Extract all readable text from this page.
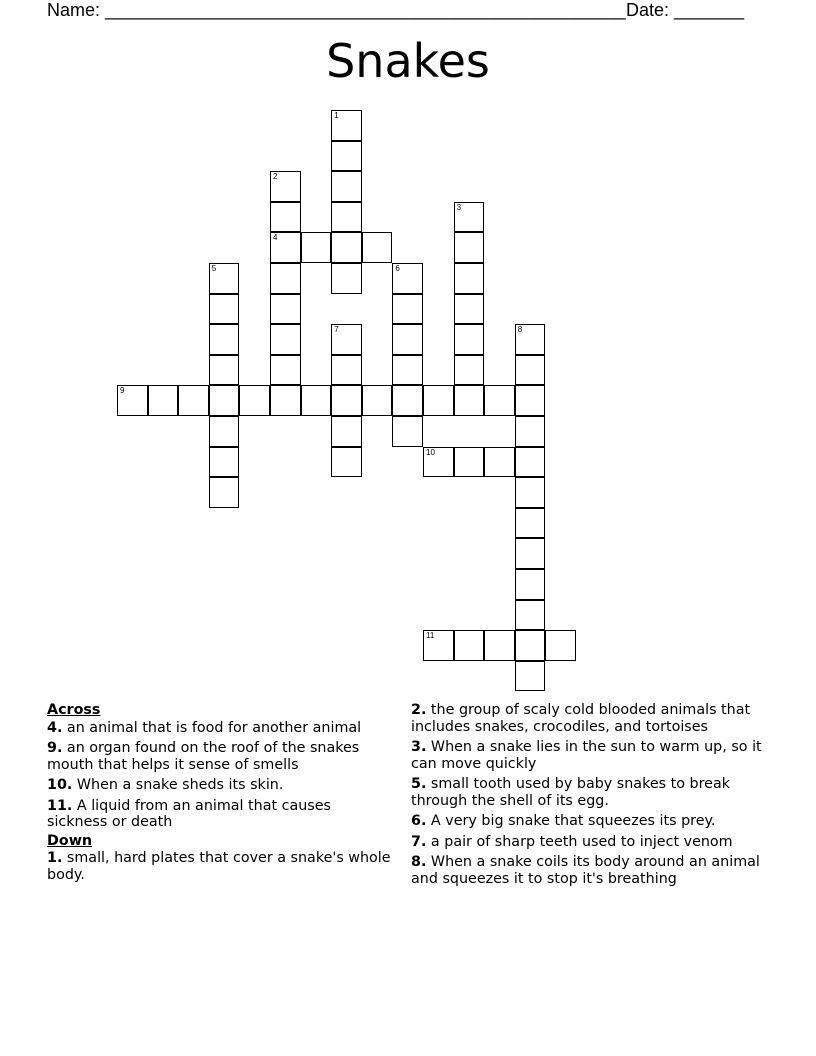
Name: ____________________________________________________ Date: _______
Snakes
1
2
4
3
5	6
7	8
9
10
11
Across
4. an animal that is food for another animal
9. an organ found on the roof of the snakes mouth that helps it sense of smells
10. When a snake sheds its skin.
11. A liquid from an animal that causes sickness or death
Down
1. small, hard plates that cover a snake's whole body.
2. the group of scaly cold blooded animals that includes snakes, crocodiles, and tortoises
3. When a snake lies in the sun to warm up, so it can move quickly
5. small tooth used by baby snakes to break through the shell of its egg.
6. A very big snake that squeezes its prey.
7. a pair of sharp teeth used to inject venom
8. When a snake coils its body around an animal and squeezes it to stop it's breathing
